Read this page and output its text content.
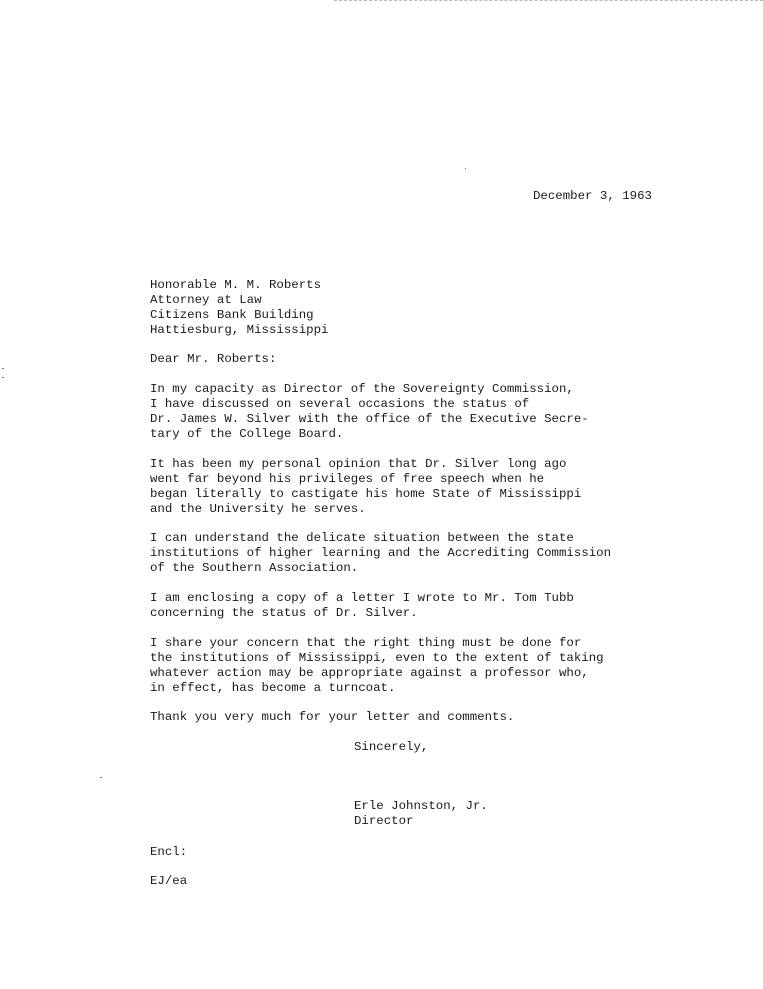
December 3, 1963
Honorable M. M. Roberts
Attorney at Law
Citizens Bank Building
Hattiesburg, Mississippi
Dear Mr. Roberts:
In my capacity as Director of the Sovereignty Commission,
I have discussed on several occasions the status of
Dr. James W. Silver with the office of the Executive Secre-
tary of the College Board.
It has been my personal opinion that Dr. Silver long ago
went far beyond his privileges of free speech when he
began literally to castigate his home State of Mississippi
and the University he serves.
I can understand the delicate situation between the state
institutions of higher learning and the Accrediting Commission
of the Southern Association.
I am enclosing a copy of a letter I wrote to Mr. Tom Tubb
concerning the status of Dr. Silver.
I share your concern that the right thing must be done for
the institutions of Mississippi, even to the extent of taking
whatever action may be appropriate against a professor who,
in effect, has become a turncoat.
Thank you very much for your letter and comments.
Sincerely,
Erle Johnston, Jr.
Director
Encl:
EJ/ea
